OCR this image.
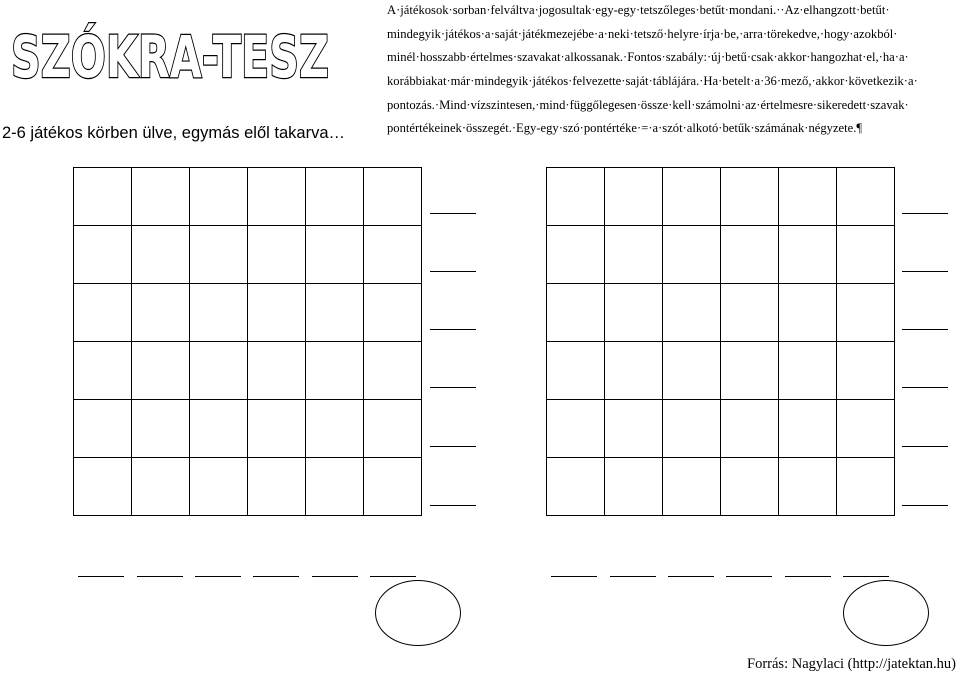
SZÓKRA-TESZ
2-6 játékos körben ülve, egymás elől takarva…
A·játékosok·sorban·felváltva·jogosultak·egy-egy·tetszőleges·betűt·mondani.··Az·elhangzott·betűt·
mindegyik·játékos·a·saját·játékmezejébe·a·neki·tetsző·helyre·írja·be,·arra·törekedve,·hogy·azokból·
minél·hosszabb·értelmes·szavakat·alkossanak.·Fontos·szabály:·új·betű·csak·akkor·hangozhat·el,·ha·a·
korábbiakat·már·mindegyik·játékos·felvezette·saját·táblájára.·Ha·betelt·a·36·mező,·akkor·következik·a·
pontozás.·Mind·vízszintesen,·mind·függőlegesen·össze·kell·számolni·az·értelmesre·sikeredett·szavak·
pontértékeinek·összegét.·Egy-egy·szó·pontértéke·=·a·szót·alkotó·betűk·számának·négyzete.¶

Forrás: Nagylaci (http://jatektan.hu)
